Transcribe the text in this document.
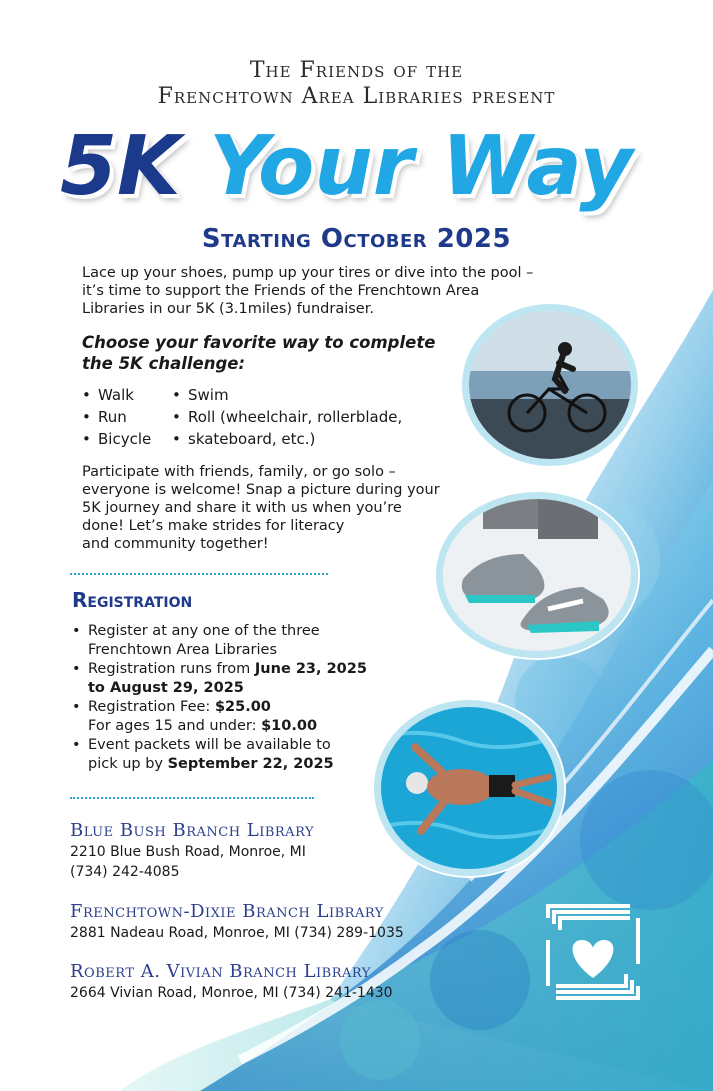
The Friends of the
Frenchtown Area Libraries present
5K Your Way
Starting October 2025
Lace up your shoes, pump up your tires or dive into the pool –
it’s time to support the Friends of the Frenchtown Area
Libraries in our 5K (3.1miles) fundraiser.
Choose your favorite way to complete
the 5K challenge:
• Walk
• Run
• Bicycle
• Swim
• Roll (wheelchair, rollerblade,
• skateboard, etc.)
Participate with friends, family, or go solo –
everyone is welcome! Snap a picture during your
5K journey and share it with us when you’re
done! Let’s make strides for literacy
and community together!
Registration
• Register at any one of the three
Frenchtown Area Libraries
• Registration runs from June 23, 2025
to August 29, 2025
• Registration Fee: $25.00
For ages 15 and under: $10.00
• Event packets will be available to
pick up by September 22, 2025
Blue Bush Branch Library
2210 Blue Bush Road, Monroe, MI
(734) 242-4085
Frenchtown-Dixie Branch Library
2881 Nadeau Road, Monroe, MI (734) 289-1035
Robert A. Vivian Branch Library
2664 Vivian Road, Monroe, MI (734) 241-1430
